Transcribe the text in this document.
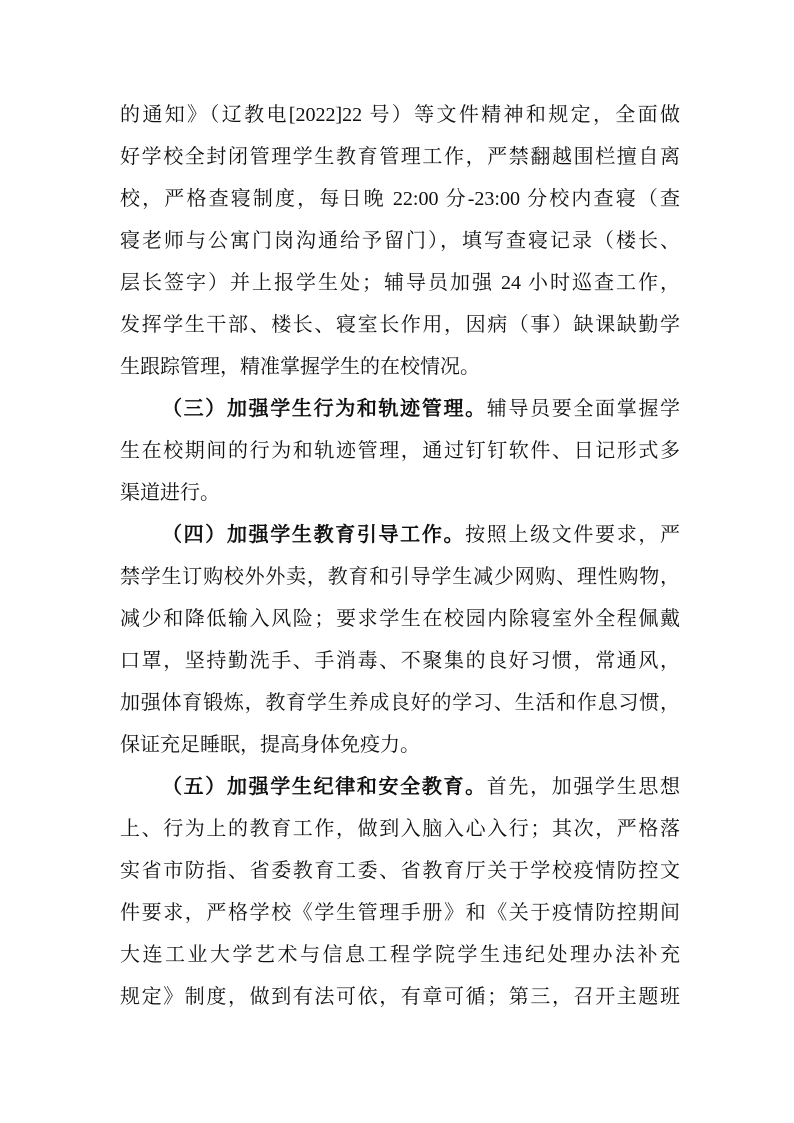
的通知》（辽教电[2022]22 号）等文件精神和规定，全面做
好学校全封闭管理学生教育管理工作，严禁翻越围栏擅自离
校，严格查寝制度，每日晚 22:00 分-23:00 分校内查寝（查
寝老师与公寓门岗沟通给予留门），填写查寝记录（楼长、
层长签字）并上报学生处；辅导员加强 24 小时巡查工作，
发挥学生干部、楼长、寝室长作用，因病（事）缺课缺勤学
生跟踪管理，精准掌握学生的在校情况。
（三）加强学生行为和轨迹管理。辅导员要全面掌握学
生在校期间的行为和轨迹管理，通过钉钉软件、日记形式多
渠道进行。
（四）加强学生教育引导工作。按照上级文件要求，严
禁学生订购校外外卖，教育和引导学生减少网购、理性购物，
减少和降低输入风险；要求学生在校园内除寝室外全程佩戴
口罩，坚持勤洗手、手消毒、不聚集的良好习惯，常通风，
加强体育锻炼，教育学生养成良好的学习、生活和作息习惯，
保证充足睡眠，提高身体免疫力。
（五）加强学生纪律和安全教育。首先，加强学生思想
上、行为上的教育工作，做到入脑入心入行；其次，严格落
实省市防指、省委教育工委、省教育厅关于学校疫情防控文
件要求，严格学校《学生管理手册》和《关于疫情防控期间
大连工业大学艺术与信息工程学院学生违纪处理办法补充
规定》制度，做到有法可依，有章可循；第三，召开主题班
